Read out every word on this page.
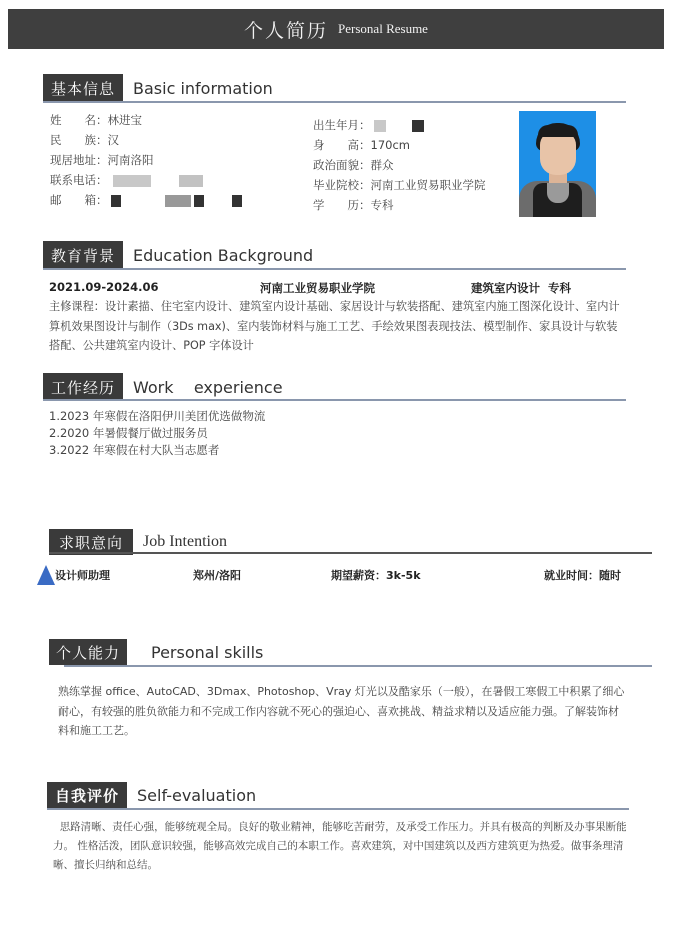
个人简历 Personal Resume
基本信息	Basic information
姓　　名：林进宝
民　　族：汉
现居地址：河南洛阳
联系电话：
邮　　箱：
出生年月：
身　　高：170cm
政治面貌：群众
毕业院校：河南工业贸易职业学院
学　　历：专科
教育背景	Education Background
2021.09-2024.06	河南工业贸易职业学院	建筑室内设计  专科
主修课程：设计素描、住宅室内设计、建筑室内设计基础、家居设计与软装搭配、建筑室内施工图深化设计、室内计算机效果图设计与制作（3Ds max)、室内装饰材料与施工工艺、手绘效果图表现技法、模型制作、家具设计与软装搭配、公共建筑室内设计、POP 字体设计
工作经历	Work    experience
1.2023 年寒假在洛阳伊川美团优选做物流
2.2020 年暑假餐厅做过服务员
3.2022 年寒假在村大队当志愿者
求职意向	Job Intention
设计师助理	郑州/洛阳	期望薪资：3k-5k	就业时间：随时
个人能力	Personal skills
熟练掌握 office、AutoCAD、3Dmax、Photoshop、Vray 灯光以及酷家乐（一般），在暑假工寒假工中积累了细心耐心，有较强的胜负欲能力和不完成工作内容就不死心的强迫心、喜欢挑战、精益求精以及适应能力强。了解装饰材料和施工工艺。
自我评价	Self-evaluation
思路清晰、责任心强，能够统观全局。良好的敬业精神，能够吃苦耐劳，及承受工作压力。并具有极高的判断及办事果断能力。 性格活泼，团队意识较强，能够高效完成自己的本职工作。喜欢建筑，对中国建筑以及西方建筑更为热爱。做事条理清晰、擅长归纳和总结。
